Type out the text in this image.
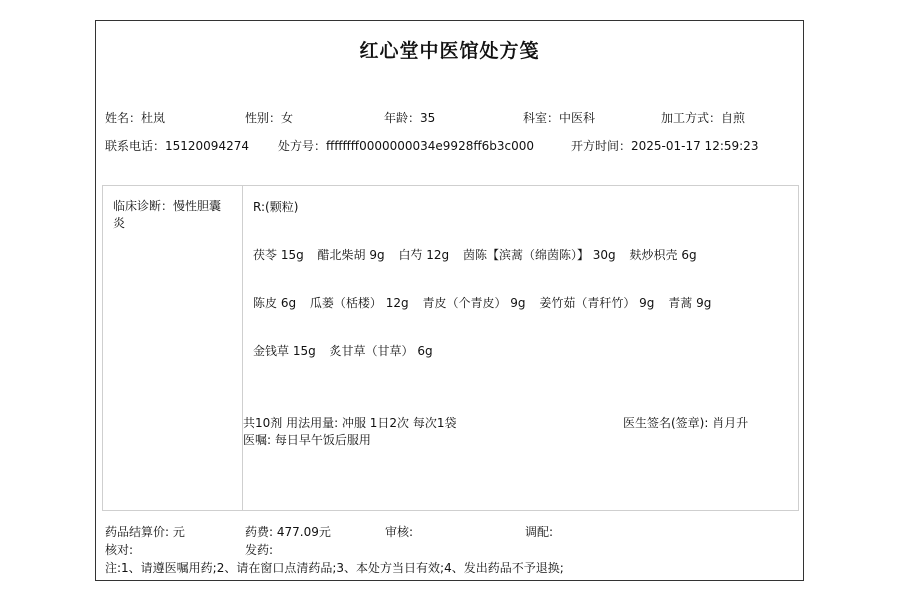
红心堂中医馆处方笺
姓名：杜岚	性别：女	年龄：35	科室：中医科	加工方式：自煎
联系电话：15120094274 处方号：ffffffff0000000034e9928ff6b3c000	开方时间：2025-01-17 12:59:23
临床诊断：慢性胆囊炎
R:(颗粒)
茯苓 15g 醋北柴胡 9g 白芍 12g 茵陈【滨蒿（绵茵陈）】 30g 麸炒枳壳 6g
陈皮 6g 瓜蒌（栝楼） 12g 青皮（个青皮） 9g 姜竹茹（青秆竹） 9g 青蒿 9g
金钱草 15g 炙甘草（甘草） 6g
共10剂 用法用量: 冲服 1日2次 每次1袋
医嘱: 每日早午饭后服用
医生签名(签章): 肖月升
药品结算价: 元	药费: 477.09元	审核:	调配:
核对:	发药:
注:1、请遵医嘱用药;2、请在窗口点清药品;3、本处方当日有效;4、发出药品不予退换;
